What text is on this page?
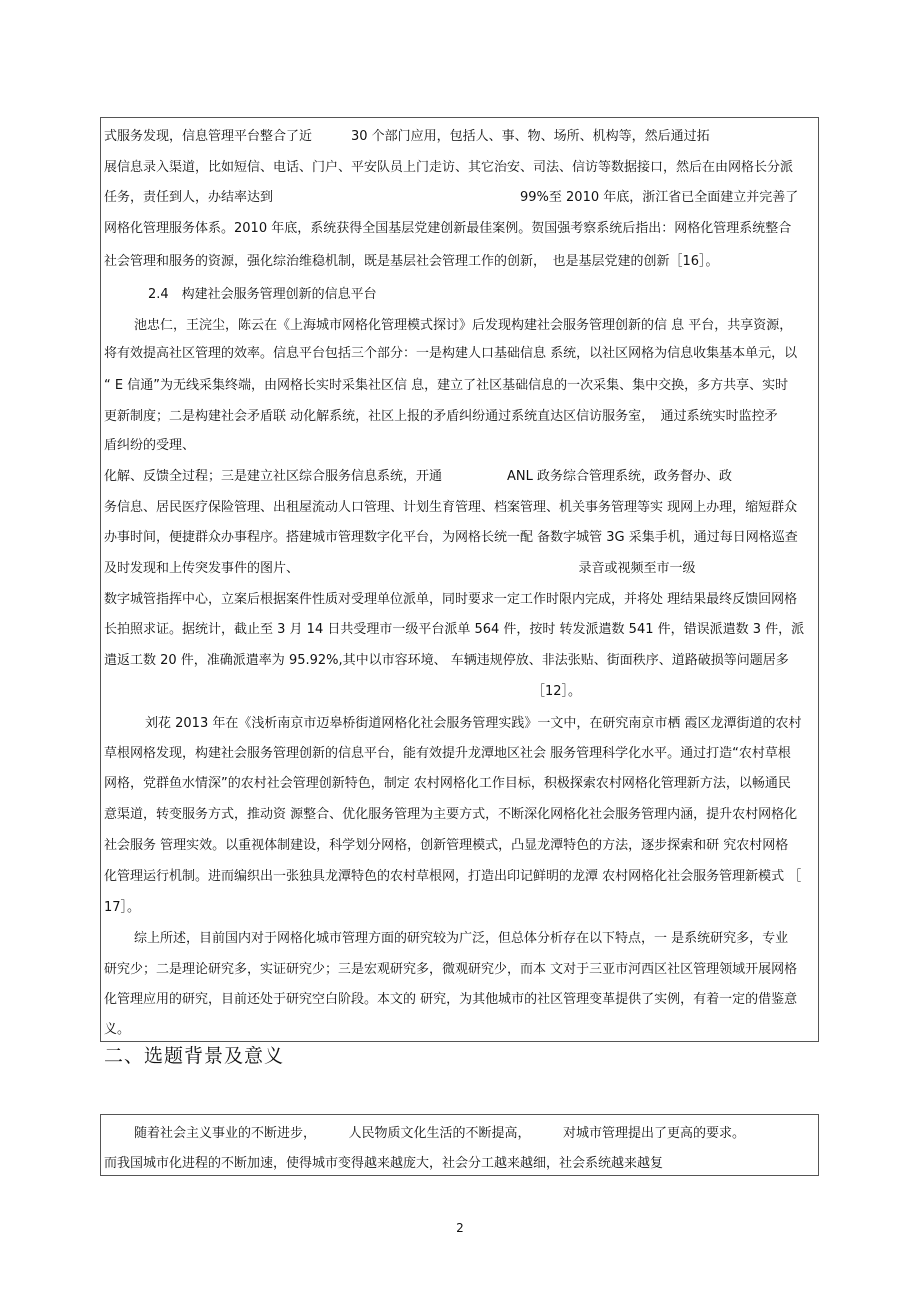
式服务发现，信息管理平台整合了近　　　30 个部门应用，包括人、事、物、场所、机构等，然后通过拓
展信息录入渠道，比如短信、电话、门户、平安队员上门走访、其它治安、司法、信访等数据接口，然后在由网格长分派
任务，责任到人，办结率达到　　　　　　　　　　　　　　　　　　　99%至 2010 年底，浙江省已全面建立并完善了
网格化管理服务体系。2010 年底，系统获得全国基层党建创新最佳案例。贺国强考察系统后指出：网格化管理系统整合
社会管理和服务的资源，强化综治维稳机制，既是基层社会管理工作的创新，　也是基层党建的创新［16］。
2.4　构建社会服务管理创新的信息平台
池忠仁，王浣尘，陈云在《上海城市网格化管理模式探讨》后发现构建社会服务管理创新的信 息 平台，共享资源，
将有效提高社区管理的效率。信息平台包括三个部分：一是构建人口基础信息 系统，以社区网格为信息收集基本单元，以
“ E 信通”为无线采集终端，由网格长实时采集社区信 息，建立了社区基础信息的一次采集、集中交换，多方共享、实时
更新制度；二是构建社会矛盾联 动化解系统，社区上报的矛盾纠纷通过系统直达区信访服务室，　通过系统实时监控矛
盾纠纷的受理、
化解、反馈全过程；三是建立社区综合服务信息系统，开通　　　　　ANL 政务综合管理系统，政务督办、政
务信息、居民医疗保险管理、出租屋流动人口管理、计划生育管理、档案管理、机关事务管理等实 现网上办理，缩短群众
办事时间，便捷群众办事程序。搭建城市管理数字化平台，为网格长统一配 备数字城管 3G 采集手机，通过每日网格巡查
及时发现和上传突发事件的图片、　　　　　　　　　　　　　　　　　　　　　　录音或视频至市一级
数字城管指挥中心，立案后根据案件性质对受理单位派单，同时要求一定工作时限内完成，并将处 理结果最终反馈回网格
长拍照求证。据统计，截止至 3 月 14 日共受理市一级平台派单 564 件，按时 转发派遣数 541 件，错误派遣数 3 件，派
遣返工数 20 件，准确派遣率为 95.92%,其中以市容环境、 车辆违规停放、非法张贴、街面秩序、道路破损等问题居多
［12］。
刘花 2013 年在《浅析南京市迈皋桥街道网格化社会服务管理实践》一文中，在研究南京市栖 霞区龙潭街道的农村
草根网格发现，构建社会服务管理创新的信息平台，能有效提升龙潭地区社会 服务管理科学化水平。通过打造“农村草根
网格，党群鱼水情深”的农村社会管理创新特色，制定 农村网格化工作目标，积极探索农村网格化管理新方法，以畅通民
意渠道，转变服务方式，推动资 源整合、优化服务管理为主要方式，不断深化网格化社会服务管理内涵，提升农村网格化
社会服务 管理实效。以重视体制建设，科学划分网格，创新管理模式，凸显龙潭特色的方法，逐步探索和研 究农村网格
化管理运行机制。进而编织出一张独具龙潭特色的农村草根网，打造出印记鲜明的龙潭 农村网格化社会服务管理新模式 ［
17］。
综上所述，目前国内对于网格化城市管理方面的研究较为广泛，但总体分析存在以下特点，一 是系统研究多，专业
研究少；二是理论研究多，实证研究少；三是宏观研究多，微观研究少，而本 文对于三亚市河西区社区管理领域开展网格
化管理应用的研究，目前还处于研究空白阶段。本文的 研究，为其他城市的社区管理变革提供了实例，有着一定的借鉴意
义。
二、选题背景及意义
随着社会主义事业的不断进步，　　　人民物质文化生活的不断提高，　　　对城市管理提出了更高的要求。
而我国城市化进程的不断加速，使得城市变得越来越庞大，社会分工越来越细，社会系统越来越复
2
